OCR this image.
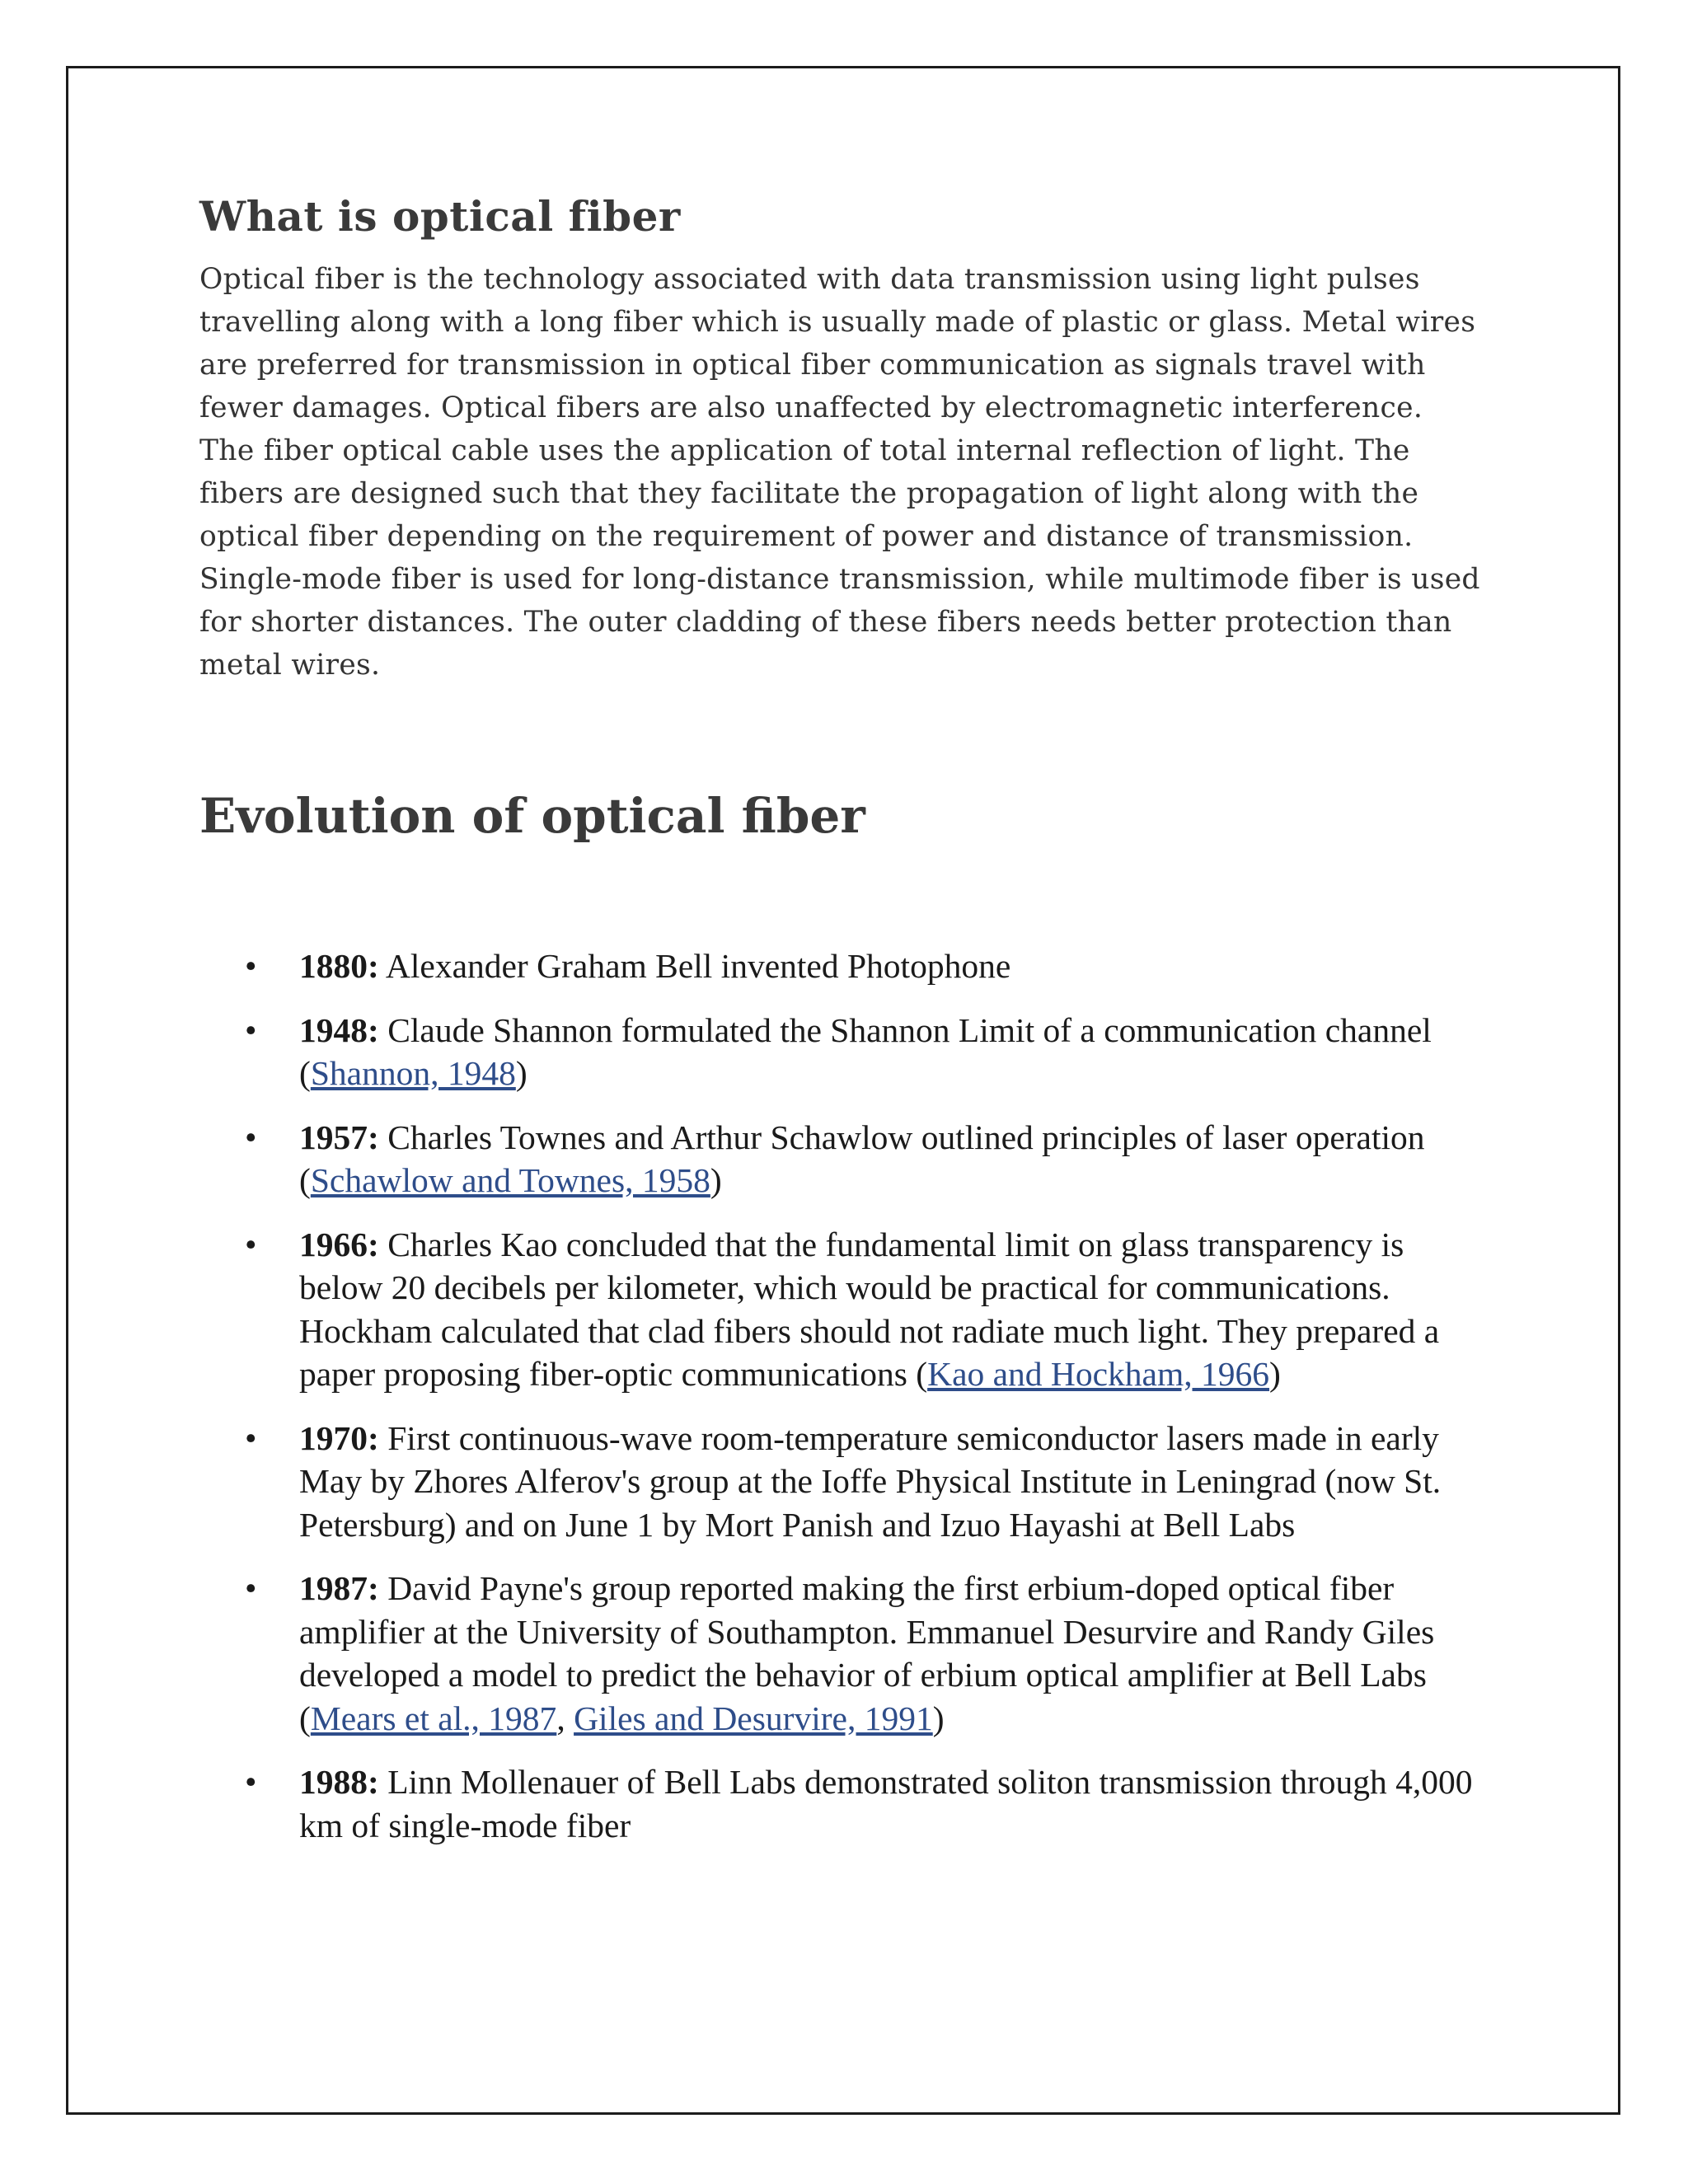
What is optical fiber

Optical fiber is the technology associated with data transmission using light pulses travelling along with a long fiber which is usually made of plastic or glass. Metal wires are preferred for transmission in optical fiber communication as signals travel with fewer damages. Optical fibers are also unaffected by electromagnetic interference. The fiber optical cable uses the application of total internal reflection of light. The fibers are designed such that they facilitate the propagation of light along with the optical fiber depending on the requirement of power and distance of transmission. Single-mode fiber is used for long-distance transmission, while multimode fiber is used for shorter distances. The outer cladding of these fibers needs better protection than metal wires.

Evolution of optical fiber
• 1880: Alexander Graham Bell invented Photophone
• 1948: Claude Shannon formulated the Shannon Limit of a communication channel (Shannon, 1948)
• 1957: Charles Townes and Arthur Schawlow outlined principles of laser operation (Schawlow and Townes, 1958)
• 1966: Charles Kao concluded that the fundamental limit on glass transparency is below 20 decibels per kilometer, which would be practical for communications. Hockham calculated that clad fibers should not radiate much light. They prepared a paper proposing fiber-optic communications (Kao and Hockham, 1966)
• 1970: First continuous-wave room-temperature semiconductor lasers made in early May by Zhores Alferov's group at the Ioffe Physical Institute in Leningrad (now St. Petersburg) and on June 1 by Mort Panish and Izuo Hayashi at Bell Labs
• 1987: David Payne's group reported making the first erbium-doped optical fiber amplifier at the University of Southampton. Emmanuel Desurvire and Randy Giles developed a model to predict the behavior of erbium optical amplifier at Bell Labs (Mears et al., 1987, Giles and Desurvire, 1991)
• 1988: Linn Mollenauer of Bell Labs demonstrated soliton transmission through 4,000 km of single-mode fiber
